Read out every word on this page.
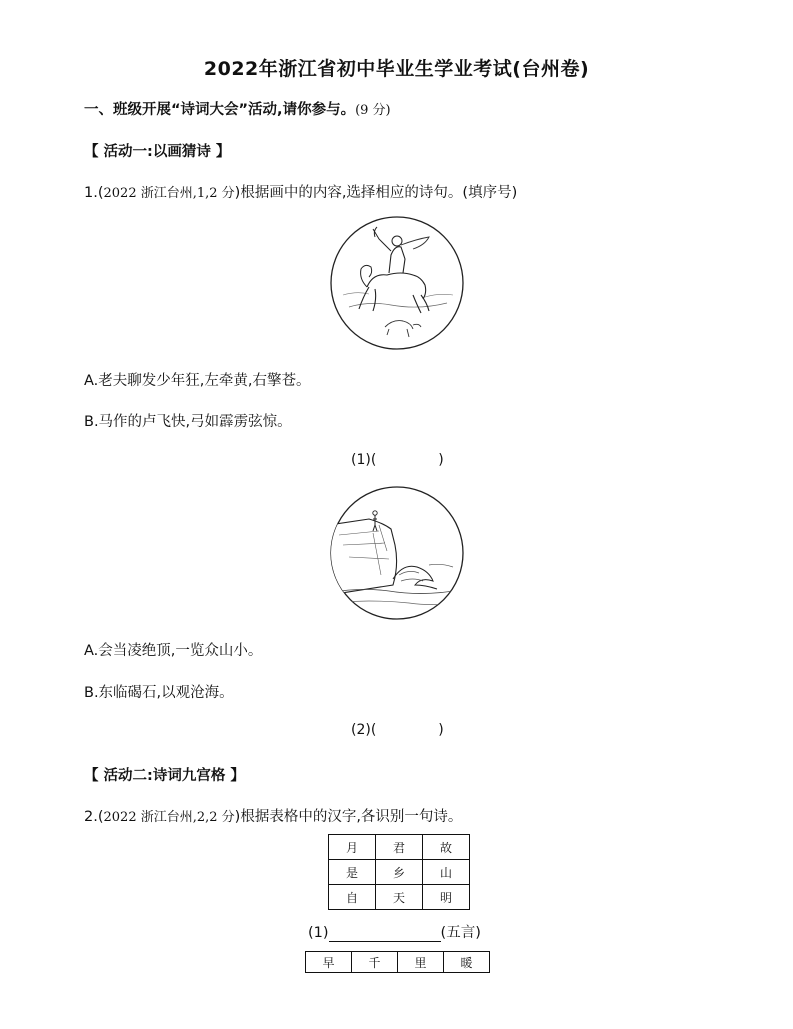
2022年浙江省初中毕业生学业考试(台州卷)
一、班级开展“诗词大会”活动,请你参与。(9 分)
【 活动一:以画猜诗 】
1.(2022 浙江台州,1,2 分)根据画中的内容,选择相应的诗句。(填序号)
A.老夫聊发少年狂,左牵黄,右擎苍。
B.马作的卢飞快,弓如霹雳弦惊。
(1)(	)
A.会当凌绝顶,一览众山小。
B.东临碣石,以观沧海。
(2)(	)
【 活动二:诗词九宫格 】
2.(2022 浙江台州,2,2 分)根据表格中的汉字,各识别一句诗。
月	君	故
是	乡	山
自	天	明
(1)	(五言)
早	千	里	暖
